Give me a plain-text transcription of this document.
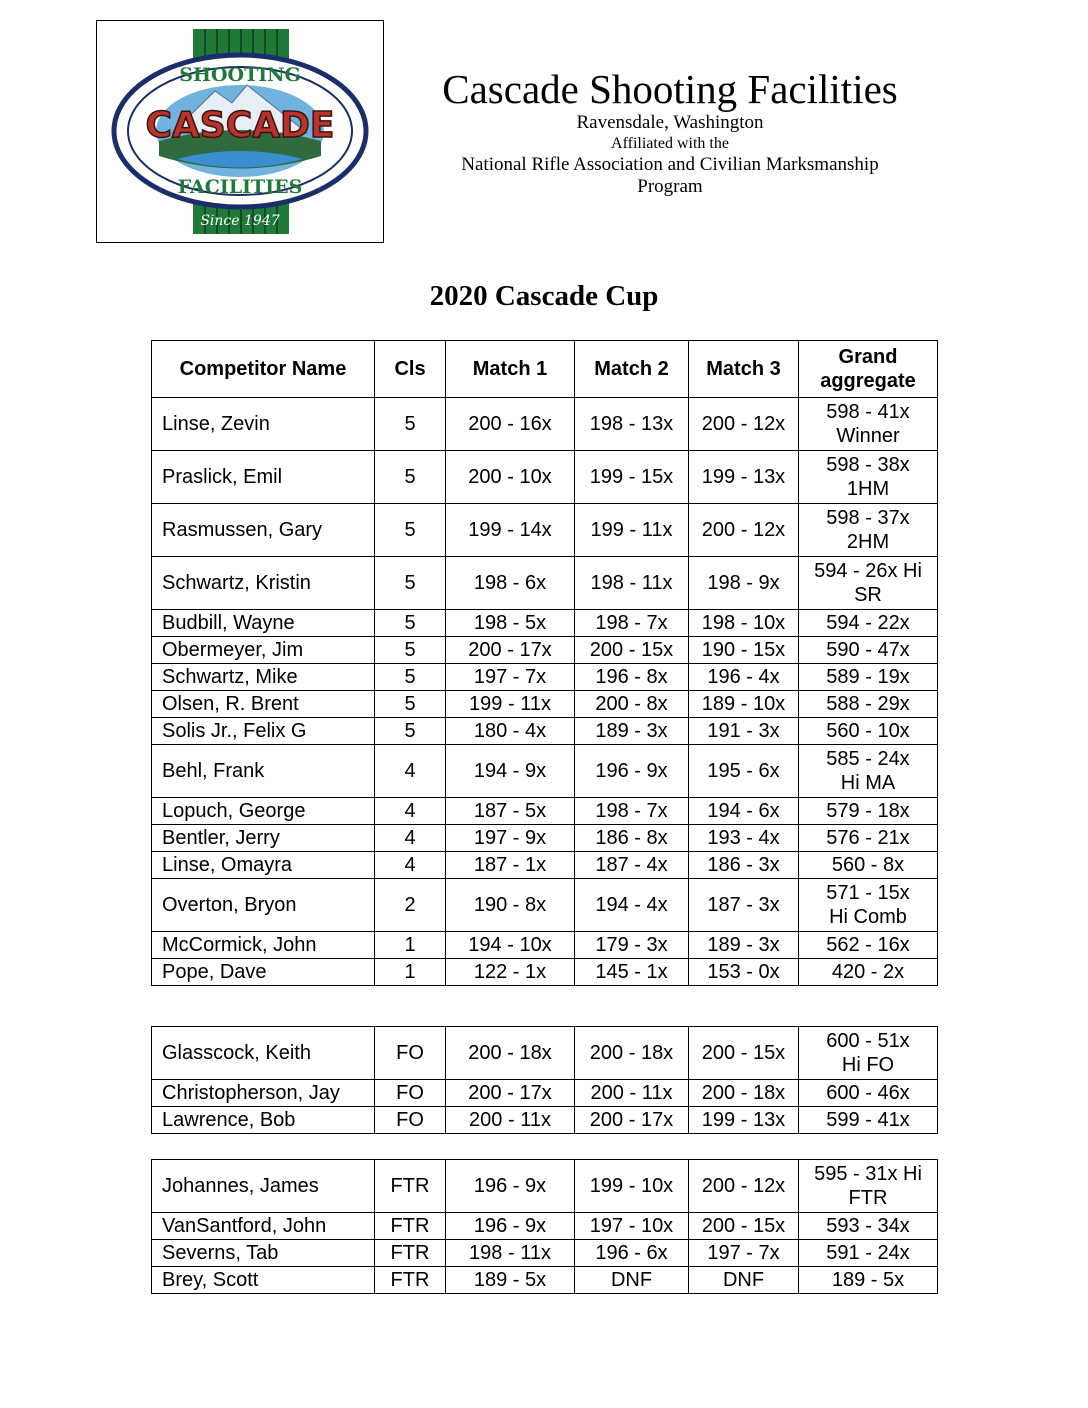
CASCADE
SHOOTING
FACILITIES
Since 1947
Cascade Shooting Facilities
Ravensdale, Washington
Affiliated with the
National Rifle Association and Civilian Marksmanship
Program
2020 Cascade Cup
Competitor Name	Cls	Match 1	Match 2	Match 3	Grand aggregate
Linse, Zevin	5	200 - 16x	198 - 13x	200 - 12x	598 - 41x
Winner

Praslick, Emil	5	200 - 10x	199 - 15x	199 - 13x	598 - 38x
1HM

Rasmussen, Gary	5	199 - 14x	199 - 11x	200 - 12x	598 - 37x
2HM

Schwartz, Kristin	5	198 - 6x	198 - 11x	198 - 9x	594 - 26x Hi
SR

Budbill, Wayne	5	198 - 5x	198 - 7x	198 - 10x	594 - 22x

Obermeyer, Jim	5	200 - 17x	200 - 15x	190 - 15x	590 - 47x

Schwartz, Mike	5	197 - 7x	196 - 8x	196 - 4x	589 - 19x

Olsen, R. Brent	5	199 - 11x	200 - 8x	189 - 10x	588 - 29x

Solis Jr., Felix G	5	180 - 4x	189 - 3x	191 - 3x	560 - 10x

Behl, Frank	4	194 - 9x	196 - 9x	195 - 6x	585 - 24x
Hi MA

Lopuch, George	4	187 - 5x	198 - 7x	194 - 6x	579 - 18x

Bentler, Jerry	4	197 - 9x	186 - 8x	193 - 4x	576 - 21x

Linse, Omayra	4	187 - 1x	187 - 4x	186 - 3x	560 - 8x

Overton, Bryon	2	190 - 8x	194 - 4x	187 - 3x	571 - 15x
Hi Comb

McCormick, John	1	194 - 10x	179 - 3x	189 - 3x	562 - 16x

Pope, Dave	1	122 - 1x	145 - 1x	153 - 0x	420 - 2x
Glasscock, Keith	FO	200 - 18x	200 - 18x	200 - 15x	600 - 51x
Hi FO

Christopherson, Jay	FO	200 - 17x	200 - 11x	200 - 18x	600 - 46x

Lawrence, Bob	FO	200 - 11x	200 - 17x	199 - 13x	599 - 41x
Johannes, James	FTR	196 - 9x	199 - 10x	200 - 12x	595 - 31x Hi
FTR

VanSantford, John	FTR	196 - 9x	197 - 10x	200 - 15x	593 - 34x

Severns, Tab	FTR	198 - 11x	196 - 6x	197 - 7x	591 - 24x

Brey, Scott	FTR	189 - 5x	DNF	DNF	189 - 5x
